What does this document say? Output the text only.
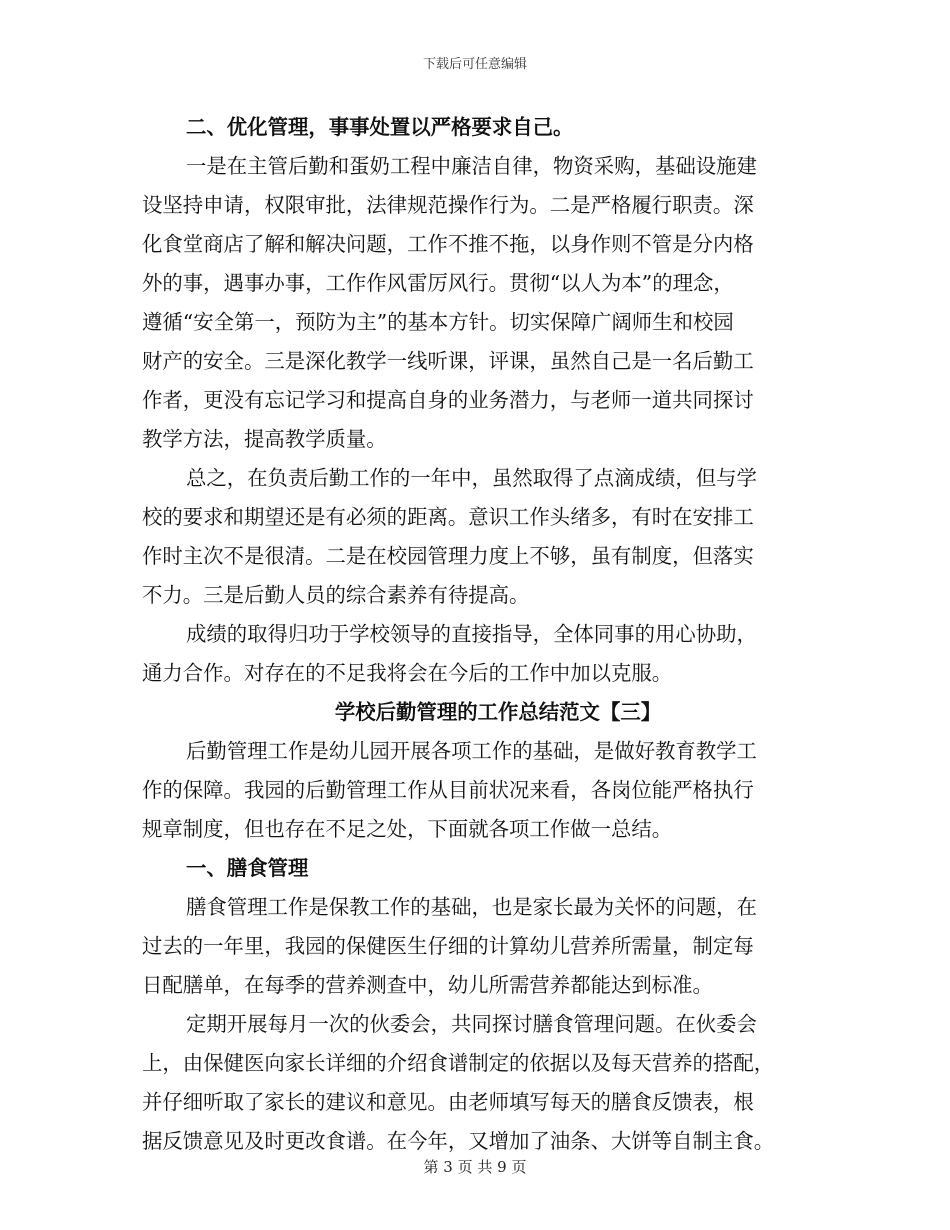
下载后可任意编辑
二、优化管理，事事处置以严格要求自己。
一是在主管后勤和蛋奶工程中廉洁自律，物资采购，基础设施建
设坚持申请，权限审批，法律规范操作行为。二是严格履行职责。深
化食堂商店了解和解决问题，工作不推不拖，以身作则不管是分内格
外的事，遇事办事，工作作风雷厉风行。贯彻“以人为本”的理念，
遵循“安全第一，预防为主”的基本方针。切实保障广阔师生和校园
财产的安全。三是深化教学一线听课，评课，虽然自己是一名后勤工
作者，更没有忘记学习和提高自身的业务潜力，与老师一道共同探讨
教学方法，提高教学质量。
总之，在负责后勤工作的一年中，虽然取得了点滴成绩，但与学
校的要求和期望还是有必须的距离。意识工作头绪多，有时在安排工
作时主次不是很清。二是在校园管理力度上不够，虽有制度，但落实
不力。三是后勤人员的综合素养有待提高。
成绩的取得归功于学校领导的直接指导，全体同事的用心协助，
通力合作。对存在的不足我将会在今后的工作中加以克服。
学校后勤管理的工作总结范文【三】
后勤管理工作是幼儿园开展各项工作的基础，是做好教育教学工
作的保障。我园的后勤管理工作从目前状况来看，各岗位能严格执行
规章制度，但也存在不足之处，下面就各项工作做一总结。
一、膳食管理
膳食管理工作是保教工作的基础，也是家长最为关怀的问题，在
过去的一年里，我园的保健医生仔细的计算幼儿营养所需量，制定每
日配膳单，在每季的营养测查中，幼儿所需营养都能达到标准。
定期开展每月一次的伙委会，共同探讨膳食管理问题。在伙委会
上，由保健医向家长详细的介绍食谱制定的依据以及每天营养的搭配，
并仔细听取了家长的建议和意见。由老师填写每天的膳食反馈表，根
据反馈意见及时更改食谱。在今年，又增加了油条、大饼等自制主食。
第 3 页 共 9 页
